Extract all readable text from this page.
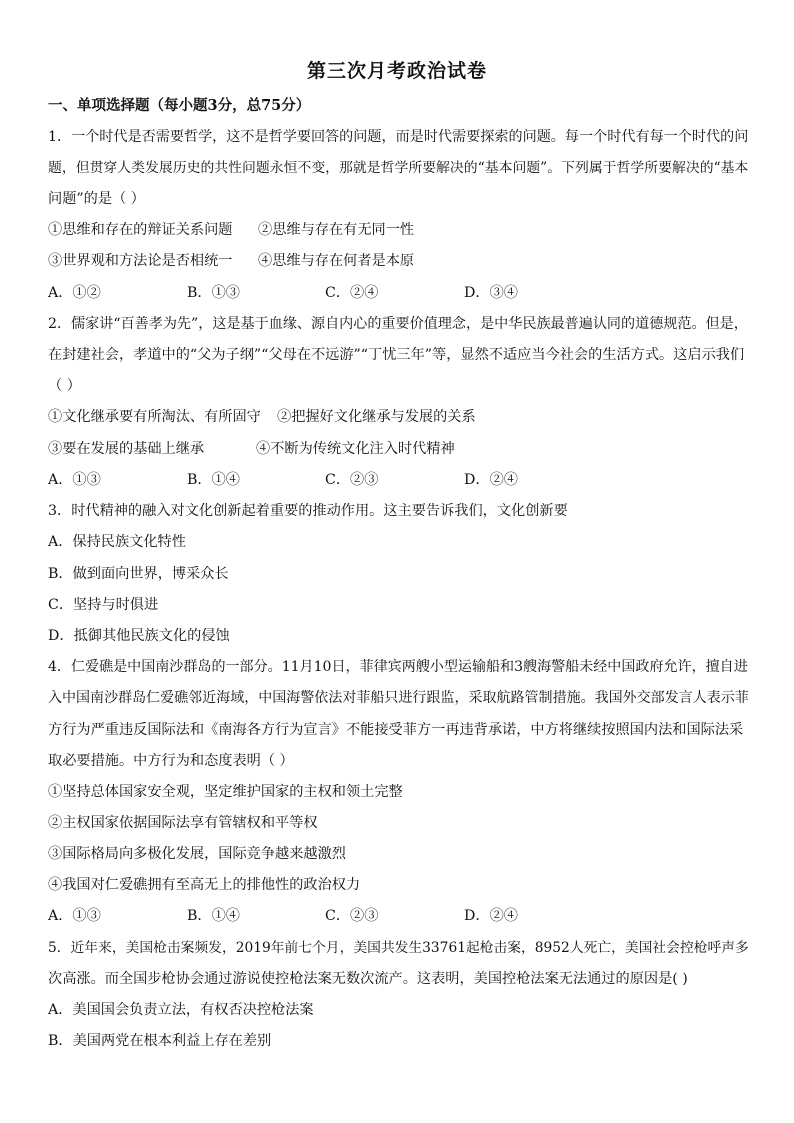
第三次月考政治试卷
一、单项选择题（每小题3分，总75分）
1．一个时代是否需要哲学，这不是哲学要回答的问题，而是时代需要探索的问题。每一个时代有每一个时代的问
题，但贯穿人类发展历史的共性问题永恒不变，那就是哲学所要解决的“基本问题”。下列属于哲学所要解决的“基本
问题”的是（ ）
①思维和存在的辩证关系问题 ②思维与存在有无同一性
③世界观和方法论是否相统一 ④思维与存在何者是本原
A．①②	B．①③	C．②④	D．③④
2．儒家讲“百善孝为先”，这是基于血缘、源自内心的重要价值理念，是中华民族最普遍认同的道德规范。但是，
在封建社会，孝道中的“父为子纲”“父母在不远游”“丁忧三年”等，显然不适应当今社会的生活方式。这启示我们
（ ）
①文化继承要有所淘汰、有所固守 ②把握好文化继承与发展的关系
③要在发展的基础上继承	④不断为传统文化注入时代精神
A．①③	B．①④	C．②③	D．②④
3．时代精神的融入对文化创新起着重要的推动作用。这主要告诉我们，文化创新要
A．保持民族文化特性
B．做到面向世界，博采众长
C．坚持与时俱进
D．抵御其他民族文化的侵蚀
4．仁爱礁是中国南沙群岛的一部分。11月10日，菲律宾两艘小型运输船和3艘海警船未经中国政府允许，擅自进
入中国南沙群岛仁爱礁邻近海域，中国海警依法对菲船只进行跟监，采取航路管制措施。我国外交部发言人表示菲
方行为严重违反国际法和《南海各方行为宣言》不能接受菲方一再违背承诺，中方将继续按照国内法和国际法采
取必要措施。中方行为和态度表明（ ）
①坚持总体国家安全观，坚定维护国家的主权和领土完整
②主权国家依据国际法享有管辖权和平等权
③国际格局向多极化发展，国际竞争越来越激烈
④我国对仁爱礁拥有至高无上的排他性的政治权力
A．①③	B．①④	C．②③	D．②④
5．近年来，美国枪击案频发，2019年前七个月，美国共发生33761起枪击案，8952人死亡，美国社会控枪呼声多
次高涨。而全国步枪协会通过游说使控枪法案无数次流产。这表明，美国控枪法案无法通过的原因是( )
A．美国国会负责立法，有权否决控枪法案
B．美国两党在根本利益上存在差别
